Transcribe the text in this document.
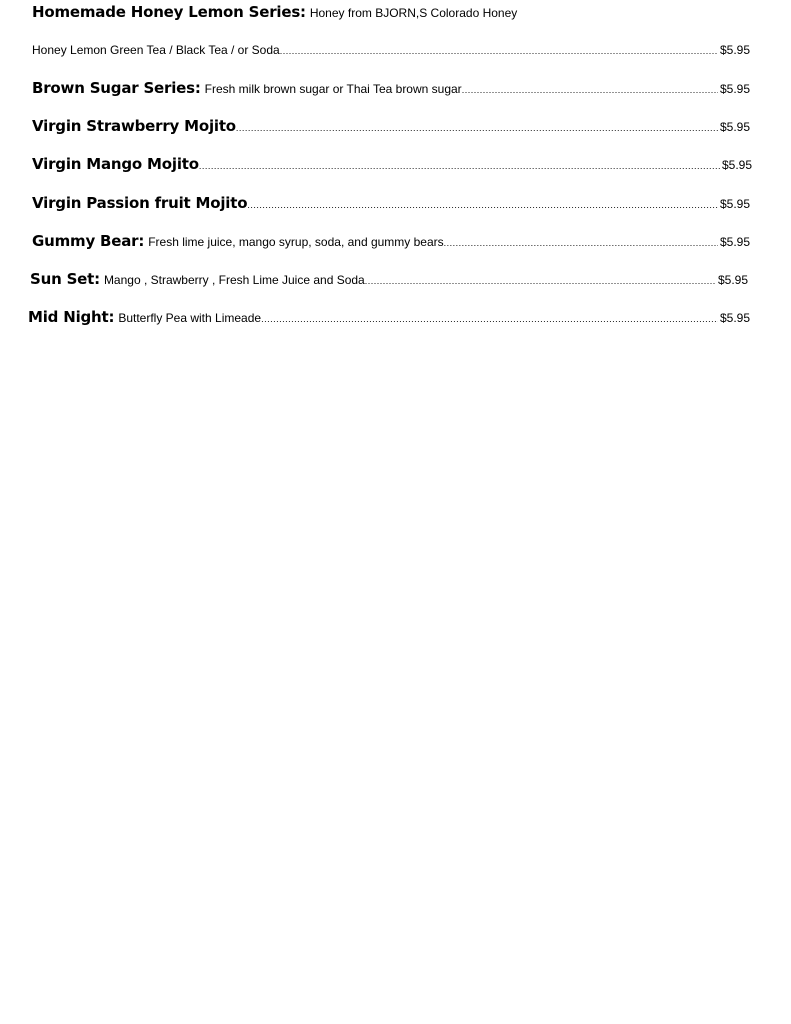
Homemade Honey Lemon Series: Honey from BJORN,S Colorado Honey
Honey Lemon Green Tea / Black Tea / or Soda .....	$5.95
Brown Sugar Series: Fresh milk brown sugar or Thai Tea brown sugar .....	$5.95
Virgin Strawberry Mojito .....	$5.95
Virgin Mango Mojito .....	$5.95
Virgin Passion fruit Mojito .....	$5.95
Gummy Bear: Fresh lime juice, mango syrup, soda, and gummy bears .....	$5.95
Sun Set: Mango , Strawberry , Fresh Lime Juice and Soda .....	$5.95
Mid Night: Butterfly Pea with Limeade .....	$5.95
